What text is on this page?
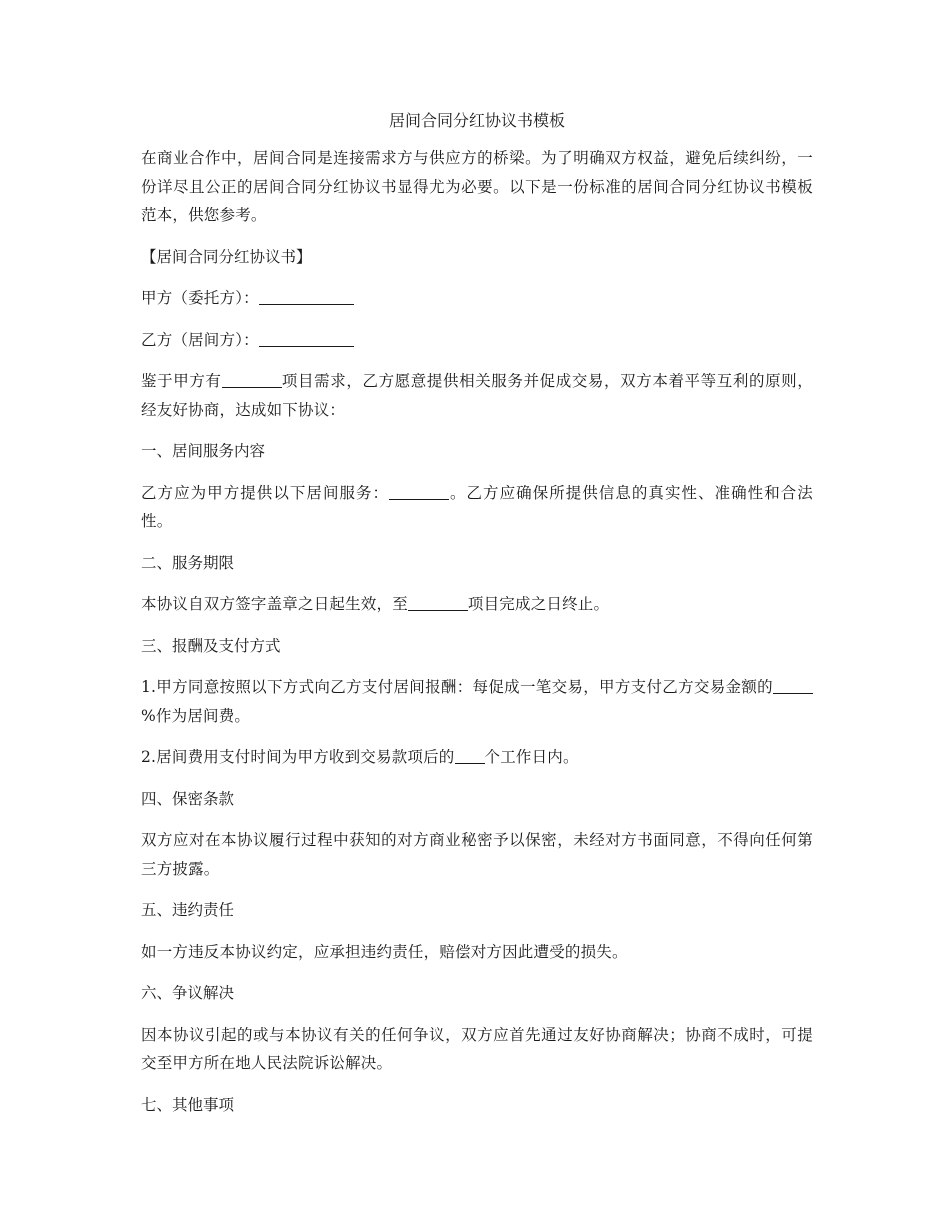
居间合同分红协议书模板

在商业合作中，居间合同是连接需求方与供应方的桥梁。为了明确双方权益，避免后续纠纷，一份详尽且公正的居间合同分红协议书显得尤为必要。以下是一份标准的居间合同分红协议书模板范本，供您参考。

【居间合同分红协议书】

甲方（委托方）：

乙方（居间方）：

鉴于甲方有	项目需求，乙方愿意提供相关服务并促成交易，双方本着平等互利的原则，经友好协商，达成如下协议：

一、居间服务内容

乙方应为甲方提供以下居间服务：	。乙方应确保所提供信息的真实性、准确性和合法性。

二、服务期限

本协议自双方签字盖章之日起生效，至	项目完成之日终止。

三、报酬及支付方式

1.甲方同意按照以下方式向乙方支付居间报酬：每促成一笔交易，甲方支付乙方交易金额的%作为居间费。

2.居间费用支付时间为甲方收到交易款项后的 个工作日内。

四、保密条款

双方应对在本协议履行过程中获知的对方商业秘密予以保密，未经对方书面同意，不得向任何第三方披露。

五、违约责任

如一方违反本协议约定，应承担违约责任，赔偿对方因此遭受的损失。

六、争议解决

因本协议引起的或与本协议有关的任何争议，双方应首先通过友好协商解决；协商不成时，可提交至甲方所在地人民法院诉讼解决。

七、其他事项
